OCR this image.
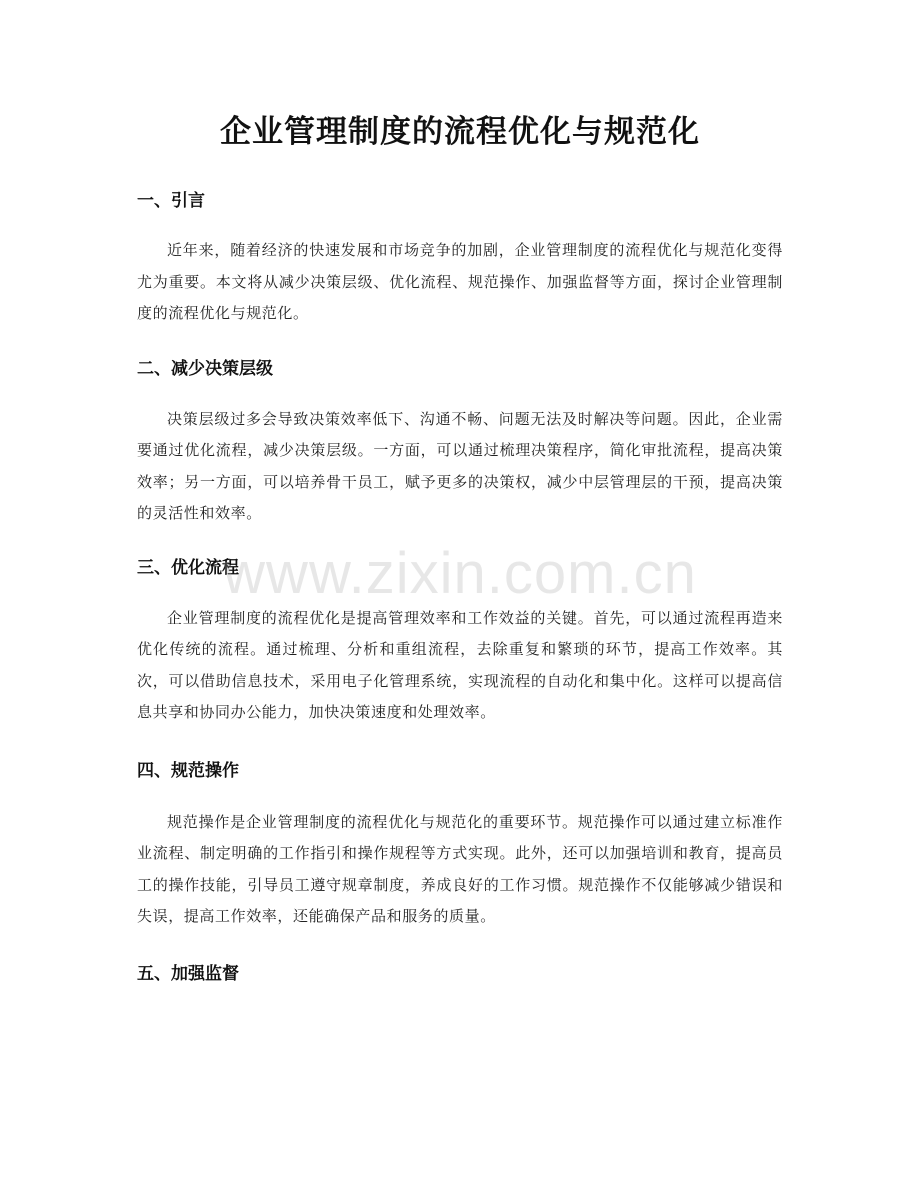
企业管理制度的流程优化与规范化
一、引言

近年来，随着经济的快速发展和市场竞争的加剧，企业管理制度的流程优化与规范化变得尤为重要。本文将从减少决策层级、优化流程、规范操作、加强监督等方面，探讨企业管理制度的流程优化与规范化。

二、减少决策层级

决策层级过多会导致决策效率低下、沟通不畅、问题无法及时解决等问题。因此，企业需要通过优化流程，减少决策层级。一方面，可以通过梳理决策程序，简化审批流程，提高决策效率；另一方面，可以培养骨干员工，赋予更多的决策权，减少中层管理层的干预，提高决策的灵活性和效率。

三、优化流程

企业管理制度的流程优化是提高管理效率和工作效益的关键。首先，可以通过流程再造来优化传统的流程。通过梳理、分析和重组流程，去除重复和繁琐的环节，提高工作效率。其次，可以借助信息技术，采用电子化管理系统，实现流程的自动化和集中化。这样可以提高信息共享和协同办公能力，加快决策速度和处理效率。

四、规范操作

规范操作是企业管理制度的流程优化与规范化的重要环节。规范操作可以通过建立标准作业流程、制定明确的工作指引和操作规程等方式实现。此外，还可以加强培训和教育，提高员工的操作技能，引导员工遵守规章制度，养成良好的工作习惯。规范操作不仅能够减少错误和失误，提高工作效率，还能确保产品和服务的质量。

五、加强监督
www.zixin.com.cn
